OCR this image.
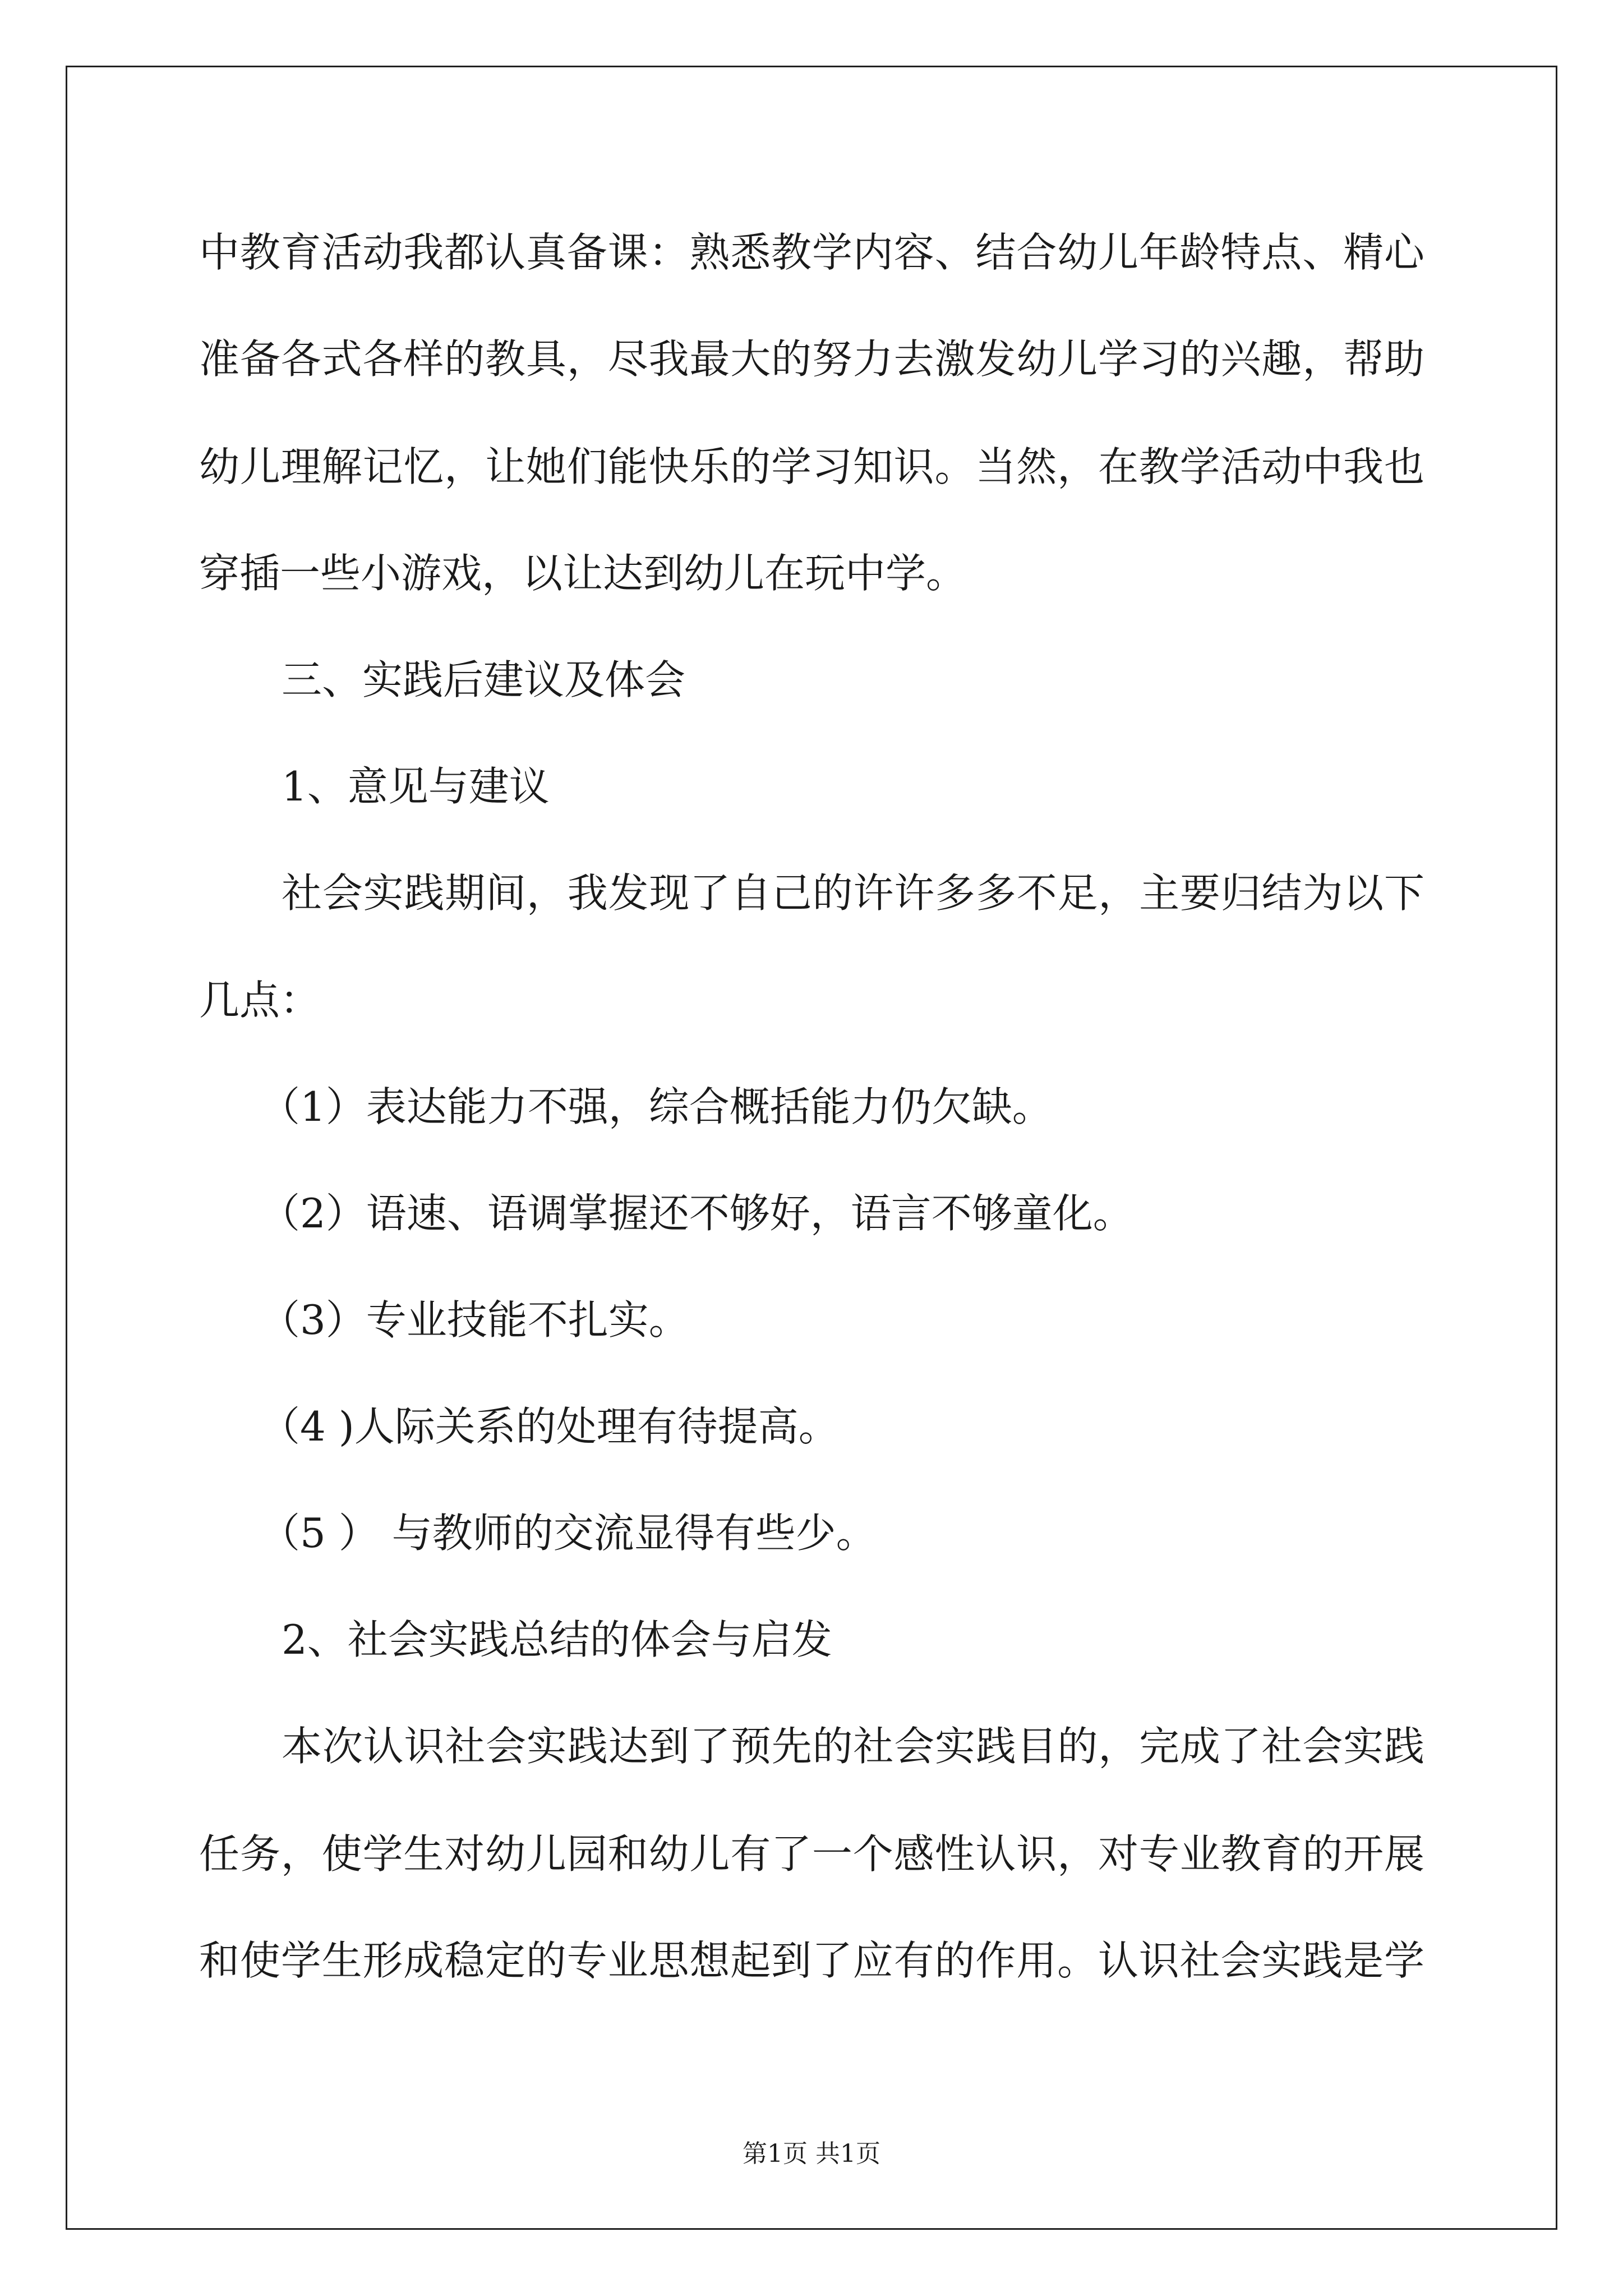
中教育活动我都认真备课：熟悉教学内容、结合幼儿年龄特点、精心
准备各式各样的教具，尽我最大的努力去激发幼儿学习的兴趣，帮助
幼儿理解记忆，让她们能快乐的学习知识。当然，在教学活动中我也
穿插一些小游戏，以让达到幼儿在玩中学。
三、实践后建议及体会
1、意见与建议
社会实践期间，我发现了自己的许许多多不足，主要归结为以下
几点：
（1）表达能力不强，综合概括能力仍欠缺。
（2）语速、语调掌握还不够好，语言不够童化。
（3）专业技能不扎实。
（4 )人际关系的处理有待提高。
（5 ） 与教师的交流显得有些少。
2、社会实践总结的体会与启发
本次认识社会实践达到了预先的社会实践目的，完成了社会实践
任务，使学生对幼儿园和幼儿有了一个感性认识，对专业教育的开展
和使学生形成稳定的专业思想起到了应有的作用。认识社会实践是学
第1页 共1页
